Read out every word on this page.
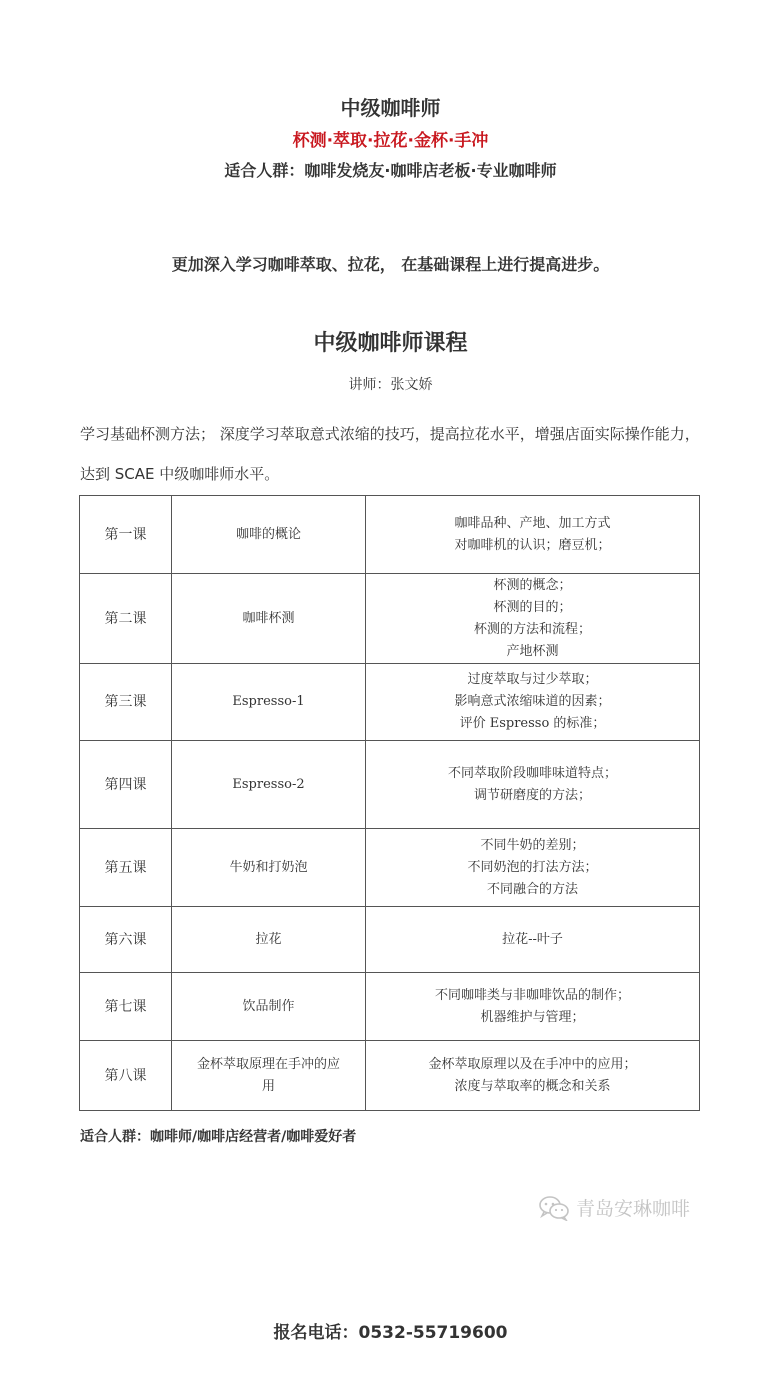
中级咖啡师
杯测·萃取·拉花·金杯·手冲
适合人群：咖啡发烧友·咖啡店老板·专业咖啡师
更加深入学习咖啡萃取、拉花， 在基础课程上进行提高进步。
中级咖啡师课程
讲师：张文娇
学习基础杯测方法； 深度学习萃取意式浓缩的技巧，提高拉花水平，增强店面实际操作能力，达到 SCAE 中级咖啡师水平。
第一课	咖啡的概论	咖啡品种、产地、加工方式
对咖啡机的认识；磨豆机；

第二课	咖啡杯测	杯测的概念；
杯测的目的；
杯测的方法和流程；
产地杯测

第三课	Espresso-1	过度萃取与过少萃取；
影响意式浓缩味道的因素；
评价 Espresso 的标准；

第四课	Espresso-2	不同萃取阶段咖啡味道特点；
调节研磨度的方法；

第五课	牛奶和打奶泡	不同牛奶的差别；
不同奶泡的打法方法；
不同融合的方法

第六课	拉花	拉花--叶子

第七课	饮品制作	不同咖啡类与非咖啡饮品的制作；
机器维护与管理；

第八课	金杯萃取原理在手冲的应用	金杯萃取原理以及在手冲中的应用；
浓度与萃取率的概念和关系
适合人群：咖啡师/咖啡店经营者/咖啡爱好者
青岛安琳咖啡
报名电话：0532-55719600
